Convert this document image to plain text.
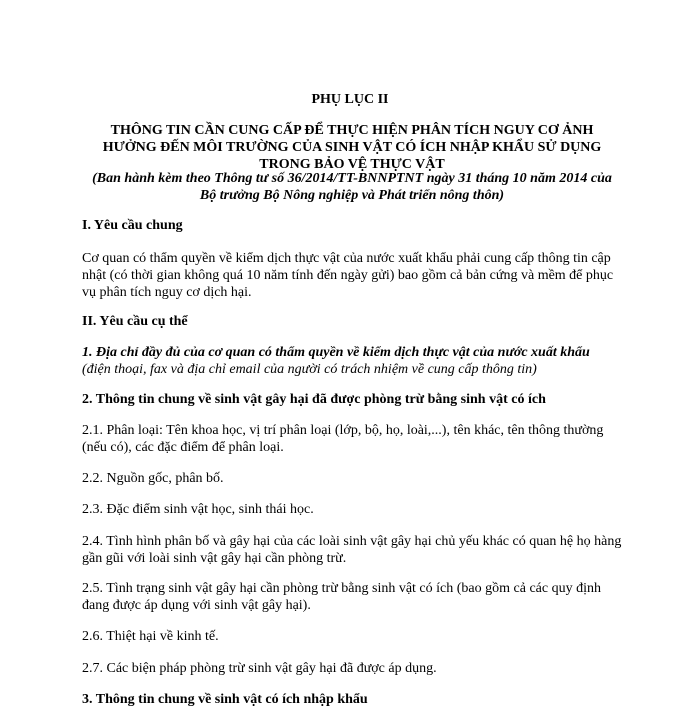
PHỤ LỤC II
THÔNG TIN CẦN CUNG CẤP ĐỂ THỰC HIỆN PHÂN TÍCH NGUY CƠ ẢNH HƯỞNG ĐẾN MÔI TRƯỜNG CỦA SINH VẬT CÓ ÍCH NHẬP KHẨU SỬ DỤNG TRONG BẢO VỆ THỰC VẬT
(Ban hành kèm theo Thông tư số 36/2014/TT-BNNPTNT ngày 31 tháng 10 năm 2014 của Bộ trưởng Bộ Nông nghiệp và Phát triển nông thôn)
I. Yêu cầu chung
Cơ quan có thẩm quyền về kiểm dịch thực vật của nước xuất khẩu phải cung cấp thông tin cập nhật (có thời gian không quá 10 năm tính đến ngày gửi) bao gồm cả bản cứng và mềm để phục vụ phân tích nguy cơ dịch hại.
II. Yêu cầu cụ thể
1. Địa chỉ đầy đủ của cơ quan có thẩm quyền về kiểm dịch thực vật của nước xuất khẩu (điện thoại, fax và địa chỉ email của người có trách nhiệm về cung cấp thông tin)
2. Thông tin chung về sinh vật gây hại đã được phòng trừ bằng sinh vật có ích
2.1. Phân loại: Tên khoa học, vị trí phân loại (lớp, bộ, họ, loài,...), tên khác, tên thông thường (nếu có), các đặc điểm để phân loại.
2.2. Nguồn gốc, phân bố.
2.3. Đặc điểm sinh vật học, sinh thái học.
2.4. Tình hình phân bố và gây hại của các loài sinh vật gây hại chủ yếu khác có quan hệ họ hàng gần gũi với loài sinh vật gây hại cần phòng trừ.
2.5. Tình trạng sinh vật gây hại cần phòng trừ bằng sinh vật có ích (bao gồm cả các quy định đang được áp dụng với sinh vật gây hại).
2.6. Thiệt hại về kinh tế.
2.7. Các biện pháp phòng trừ sinh vật gây hại đã được áp dụng.
3. Thông tin chung về sinh vật có ích nhập khẩu
